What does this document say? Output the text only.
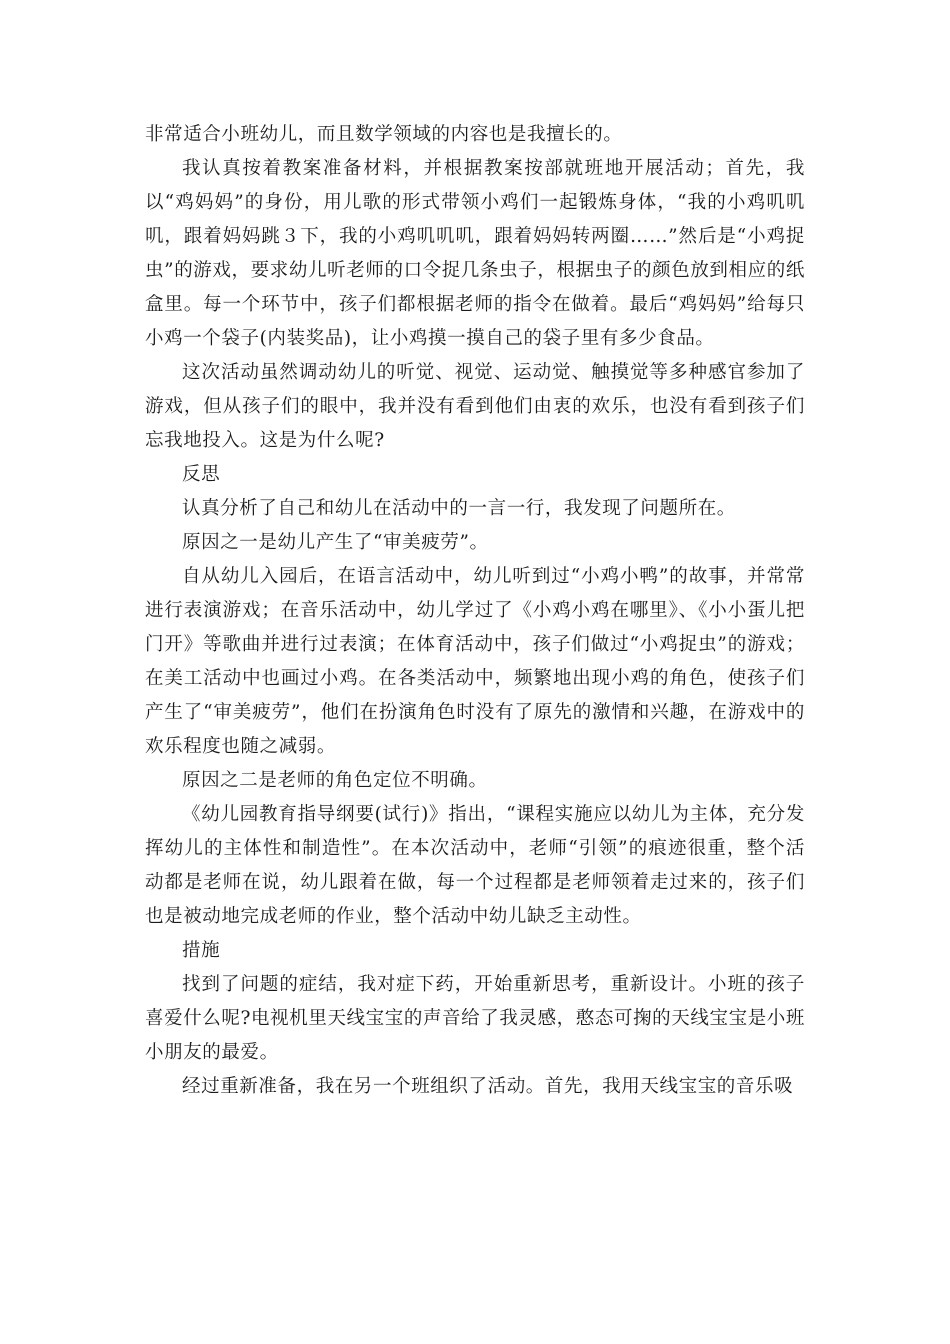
非常适合小班幼儿，而且数学领域的内容也是我擅长的。

我认真按着教案准备材料，并根据教案按部就班地开展活动；首先，我以“鸡妈妈”的身份，用儿歌的形式带领小鸡们一起锻炼身体，“我的小鸡叽叽叽，跟着妈妈跳３下，我的小鸡叽叽叽，跟着妈妈转两圈……”然后是“小鸡捉虫”的游戏，要求幼儿听老师的口令捉几条虫子，根据虫子的颜色放到相应的纸盒里。每一个环节中，孩子们都根据老师的指令在做着。最后“鸡妈妈”给每只小鸡一个袋子(内装奖品)，让小鸡摸一摸自己的袋子里有多少食品。

这次活动虽然调动幼儿的听觉、视觉、运动觉、触摸觉等多种感官参加了游戏，但从孩子们的眼中，我并没有看到他们由衷的欢乐，也没有看到孩子们忘我地投入。这是为什么呢?

反思

认真分析了自己和幼儿在活动中的一言一行，我发现了问题所在。

原因之一是幼儿产生了“审美疲劳”。

自从幼儿入园后，在语言活动中，幼儿听到过“小鸡小鸭”的故事，并常常进行表演游戏；在音乐活动中，幼儿学过了《小鸡小鸡在哪里》、《小小蛋儿把门开》等歌曲并进行过表演；在体育活动中，孩子们做过“小鸡捉虫”的游戏；在美工活动中也画过小鸡。在各类活动中，频繁地出现小鸡的角色，使孩子们产生了“审美疲劳”，他们在扮演角色时没有了原先的激情和兴趣，在游戏中的欢乐程度也随之减弱。

原因之二是老师的角色定位不明确。

《幼儿园教育指导纲要(试行)》指出，“课程实施应以幼儿为主体，充分发挥幼儿的主体性和制造性”。在本次活动中，老师“引领”的痕迹很重，整个活动都是老师在说，幼儿跟着在做，每一个过程都是老师领着走过来的，孩子们也是被动地完成老师的作业，整个活动中幼儿缺乏主动性。

措施

找到了问题的症结，我对症下药，开始重新思考，重新设计。小班的孩子喜爱什么呢?电视机里天线宝宝的声音给了我灵感，憨态可掬的天线宝宝是小班小朋友的最爱。

经过重新准备，我在另一个班组织了活动。首先，我用天线宝宝的音乐吸
